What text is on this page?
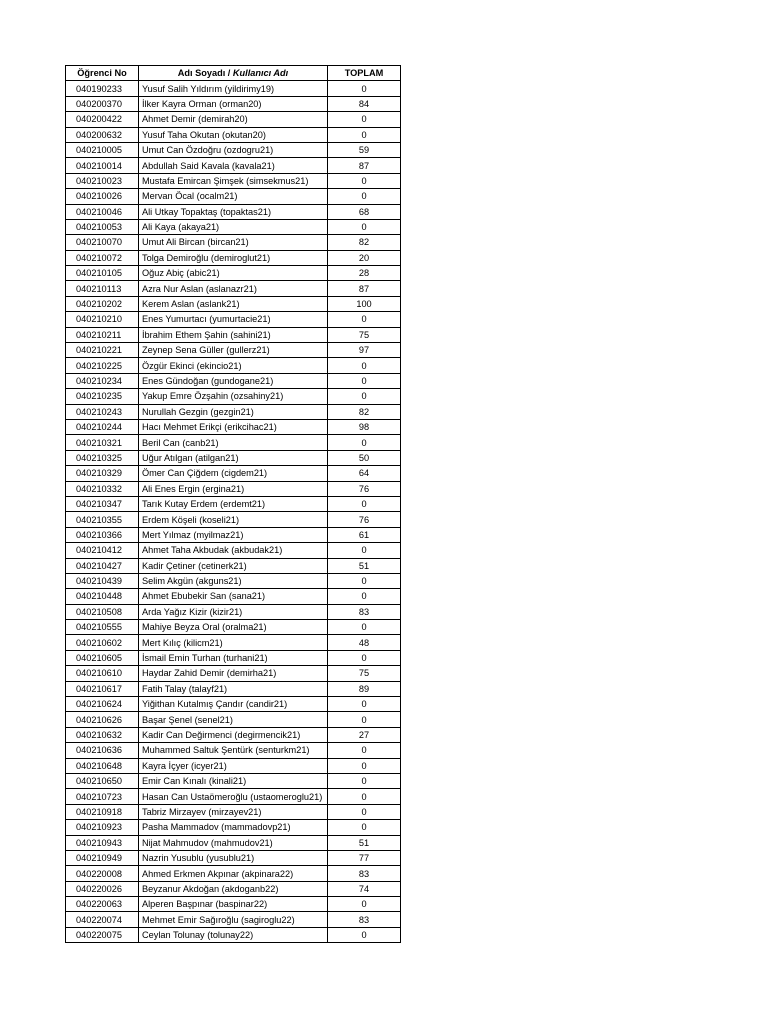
Öğrenci No	Adı Soyadı / Kullanıcı Adı	TOPLAM
040190233	Yusuf Salih Yıldırım (yildirimy19)	0
040200370	İlker Kayra Orman (orman20)	84
040200422	Ahmet Demir (demirah20)	0
040200632	Yusuf Taha Okutan (okutan20)	0
040210005	Umut Can Özdoğru (ozdogru21)	59
040210014	Abdullah Said Kavala (kavala21)	87
040210023	Mustafa Emircan Şimşek (simsekmus21)	0
040210026	Mervan Öcal (ocalm21)	0
040210046	Ali Utkay Topaktaş (topaktas21)	68
040210053	Ali Kaya (akaya21)	0
040210070	Umut Ali Bircan (bircan21)	82
040210072	Tolga Demiroğlu (demiroglut21)	20
040210105	Oğuz Abiç (abic21)	28
040210113	Azra Nur Aslan (aslanazr21)	87
040210202	Kerem Aslan (aslank21)	100
040210210	Enes Yumurtacı (yumurtacie21)	0
040210211	İbrahim Ethem Şahin (sahini21)	75
040210221	Zeynep Sena Güller (gullerz21)	97
040210225	Özgür Ekinci (ekincio21)	0
040210234	Enes Gündoğan (gundogane21)	0
040210235	Yakup Emre Özşahin (ozsahiny21)	0
040210243	Nurullah Gezgin (gezgin21)	82
040210244	Hacı Mehmet Erikçi (erikcihac21)	98
040210321	Beril Can (canb21)	0
040210325	Uğur Atılgan (atilgan21)	50
040210329	Ömer Can Çiğdem (cigdem21)	64
040210332	Ali Enes Ergin (ergina21)	76
040210347	Tarık Kutay Erdem (erdemt21)	0
040210355	Erdem Köşeli (koseli21)	76
040210366	Mert Yılmaz (myilmaz21)	61
040210412	Ahmet Taha Akbudak (akbudak21)	0
040210427	Kadir Çetiner (cetinerk21)	51
040210439	Selim Akgün (akguns21)	0
040210448	Ahmet Ebubekir San (sana21)	0
040210508	Arda Yağız Kizir (kizir21)	83
040210555	Mahiye Beyza Oral (oralma21)	0
040210602	Mert Kılıç (kilicm21)	48
040210605	İsmail Emin Turhan (turhani21)	0
040210610	Haydar Zahid Demir (demirha21)	75
040210617	Fatih Talay (talayf21)	89
040210624	Yiğithan Kutalmış Çandır (candir21)	0
040210626	Başar Şenel (senel21)	0
040210632	Kadir Can Değirmenci (degirmencik21)	27
040210636	Muhammed Saltuk Şentürk (senturkm21)	0
040210648	Kayra İçyer (icyer21)	0
040210650	Emir Can Kınalı (kinali21)	0
040210723	Hasan Can Ustaömeroğlu (ustaomeroglu21)	0
040210918	Tabriz Mirzayev (mirzayev21)	0
040210923	Pasha Mammadov (mammadovp21)	0
040210943	Nijat Mahmudov (mahmudov21)	51
040210949	Nazrin Yusublu (yusublu21)	77
040220008	Ahmed Erkmen Akpınar (akpinara22)	83
040220026	Beyzanur Akdoğan (akdoganb22)	74
040220063	Alperen Başpınar (baspinar22)	0
040220074	Mehmet Emir Sağıroğlu (sagiroglu22)	83
040220075	Ceylan Tolunay (tolunay22)	0
